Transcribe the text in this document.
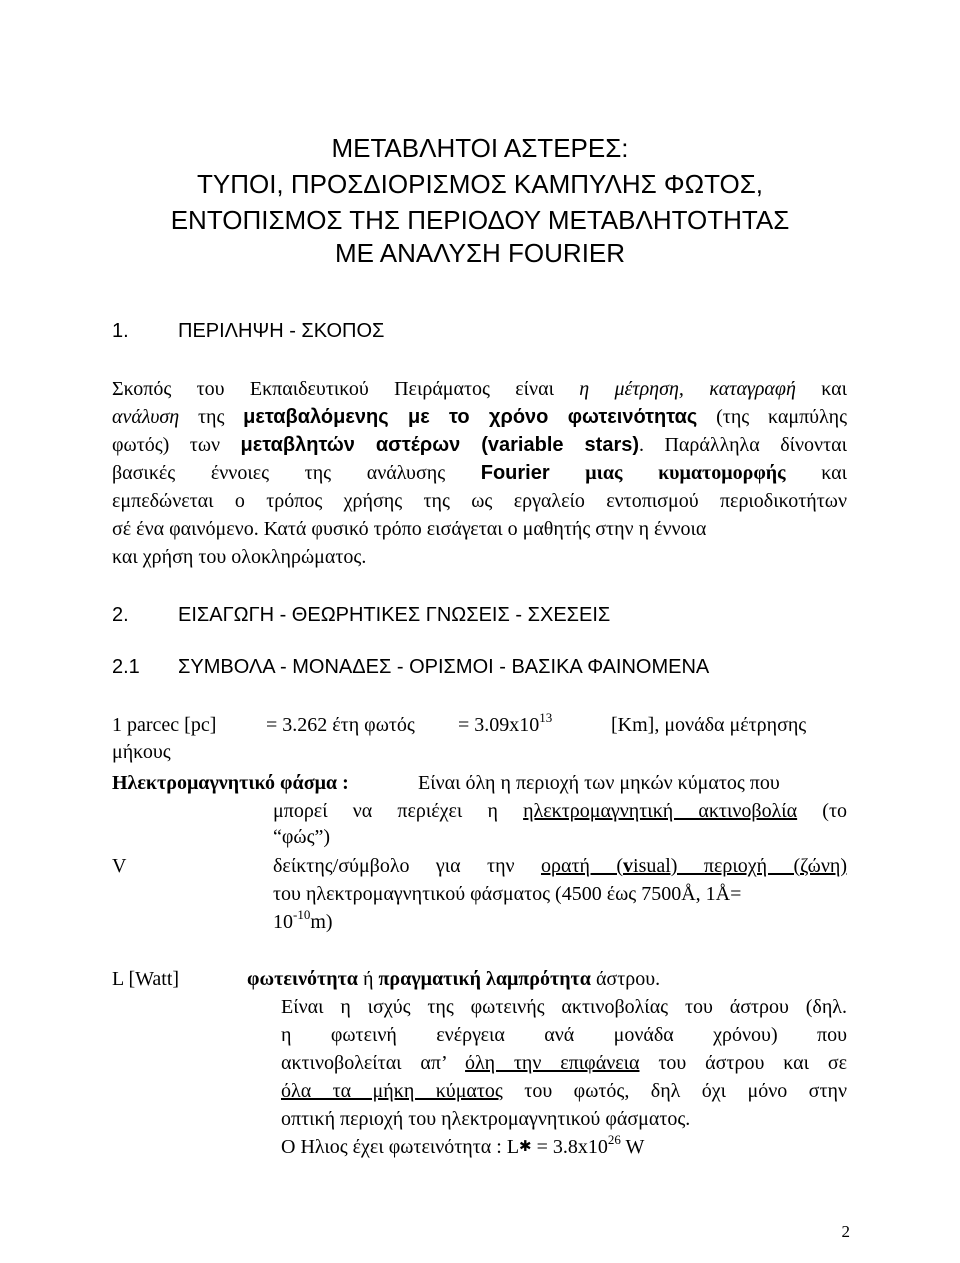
ΜΕΤΑΒΛΗΤΟΙ ΑΣΤΕΡΕΣ:
ΤΥΠΟΙ, ΠΡΟΣΔΙΟΡΙΣΜΟΣ ΚΑΜΠΥΛΗΣ ΦΩΤΟΣ,
ΕΝΤΟΠΙΣΜΟΣ ΤΗΣ ΠΕΡΙΟΔΟΥ ΜΕΤΑΒΛΗΤΟΤΗΤΑΣ
ΜΕ ΑΝΑΛΥΣΗ FOURIER
1. ΠΕΡΙΛΗΨΗ - ΣΚΟΠΟΣ
Σκοπός του Εκπαιδευτικού Πειράματος είναι η μέτρηση, καταγραφή και
ανάλυση της μεταβαλόμενης με το χρόνο φωτεινότητας (της καμπύλης
φωτός) των μεταβλητών αστέρων (variable stars). Παράλληλα δίνονται
βασικές έννοιες της ανάλυσης Fourier μιας κυματομορφής και
εμπεδώνεται ο τρόπος χρήσης της ως εργαλείο εντοπισμού περιοδικοτήτων
σέ ένα φαινόμενο. Κατά φυσικό τρόπο εισάγεται ο μαθητής στην η έννοια
και χρήση του ολοκληρώματος.
2. ΕΙΣΑΓΩΓΗ - ΘΕΩΡΗΤΙΚΕΣ ΓΝΩΣΕΙΣ - ΣΧΕΣΕΙΣ
2.1 ΣΥΜΒΟΛΑ - ΜΟΝΑΔΕΣ - ΟΡΙΣΜΟΙ - ΒΑΣΙΚΑ ΦΑΙΝΟΜΕΝΑ
1 parcec [pc] = 3.262 έτη $\varphi\omega\tau ό\varsigma = 3.09x10^{13}$	[Km], μονάδα μέτρησης
μήκους
Ηλεκτρομαγνητικό φάσμα :	Είναι όλη η περιοχή των μηκών κύματος που
μπορεί να περιέχει η ηλεκτρομαγνητική ακτινοβολία (το
“φώς”)
V	δείκτης/σύμβολο για την ορατή (visual) περιοχή (ζώνη)
του ηλεκτρομαγνητικού φάσματος (4500 έως 7500Å, 1Å=
$10^{-10}m$)
L [Watt]	φωτεινότητα ή πραγματική λαμπρότητα άστρου.
Είναι η ισχύς της φωτεινής ακτινοβολίας του άστρου (δηλ.
η φωτεινή ενέργεια ανά μονάδα χρόνου) που
ακτινοβολείται απ’ όλη την επιφάνεια του άστρου και σε
όλα τα μήκη κύματος του φωτός, δηλ όχι μόνο στην
οπτική περιοχή του ηλεκτρομαγνητικού φάσματος.
Ο Ηλιος έχει φωτεινότητα : L✱ = $3.8x10^{26}$ W
2
